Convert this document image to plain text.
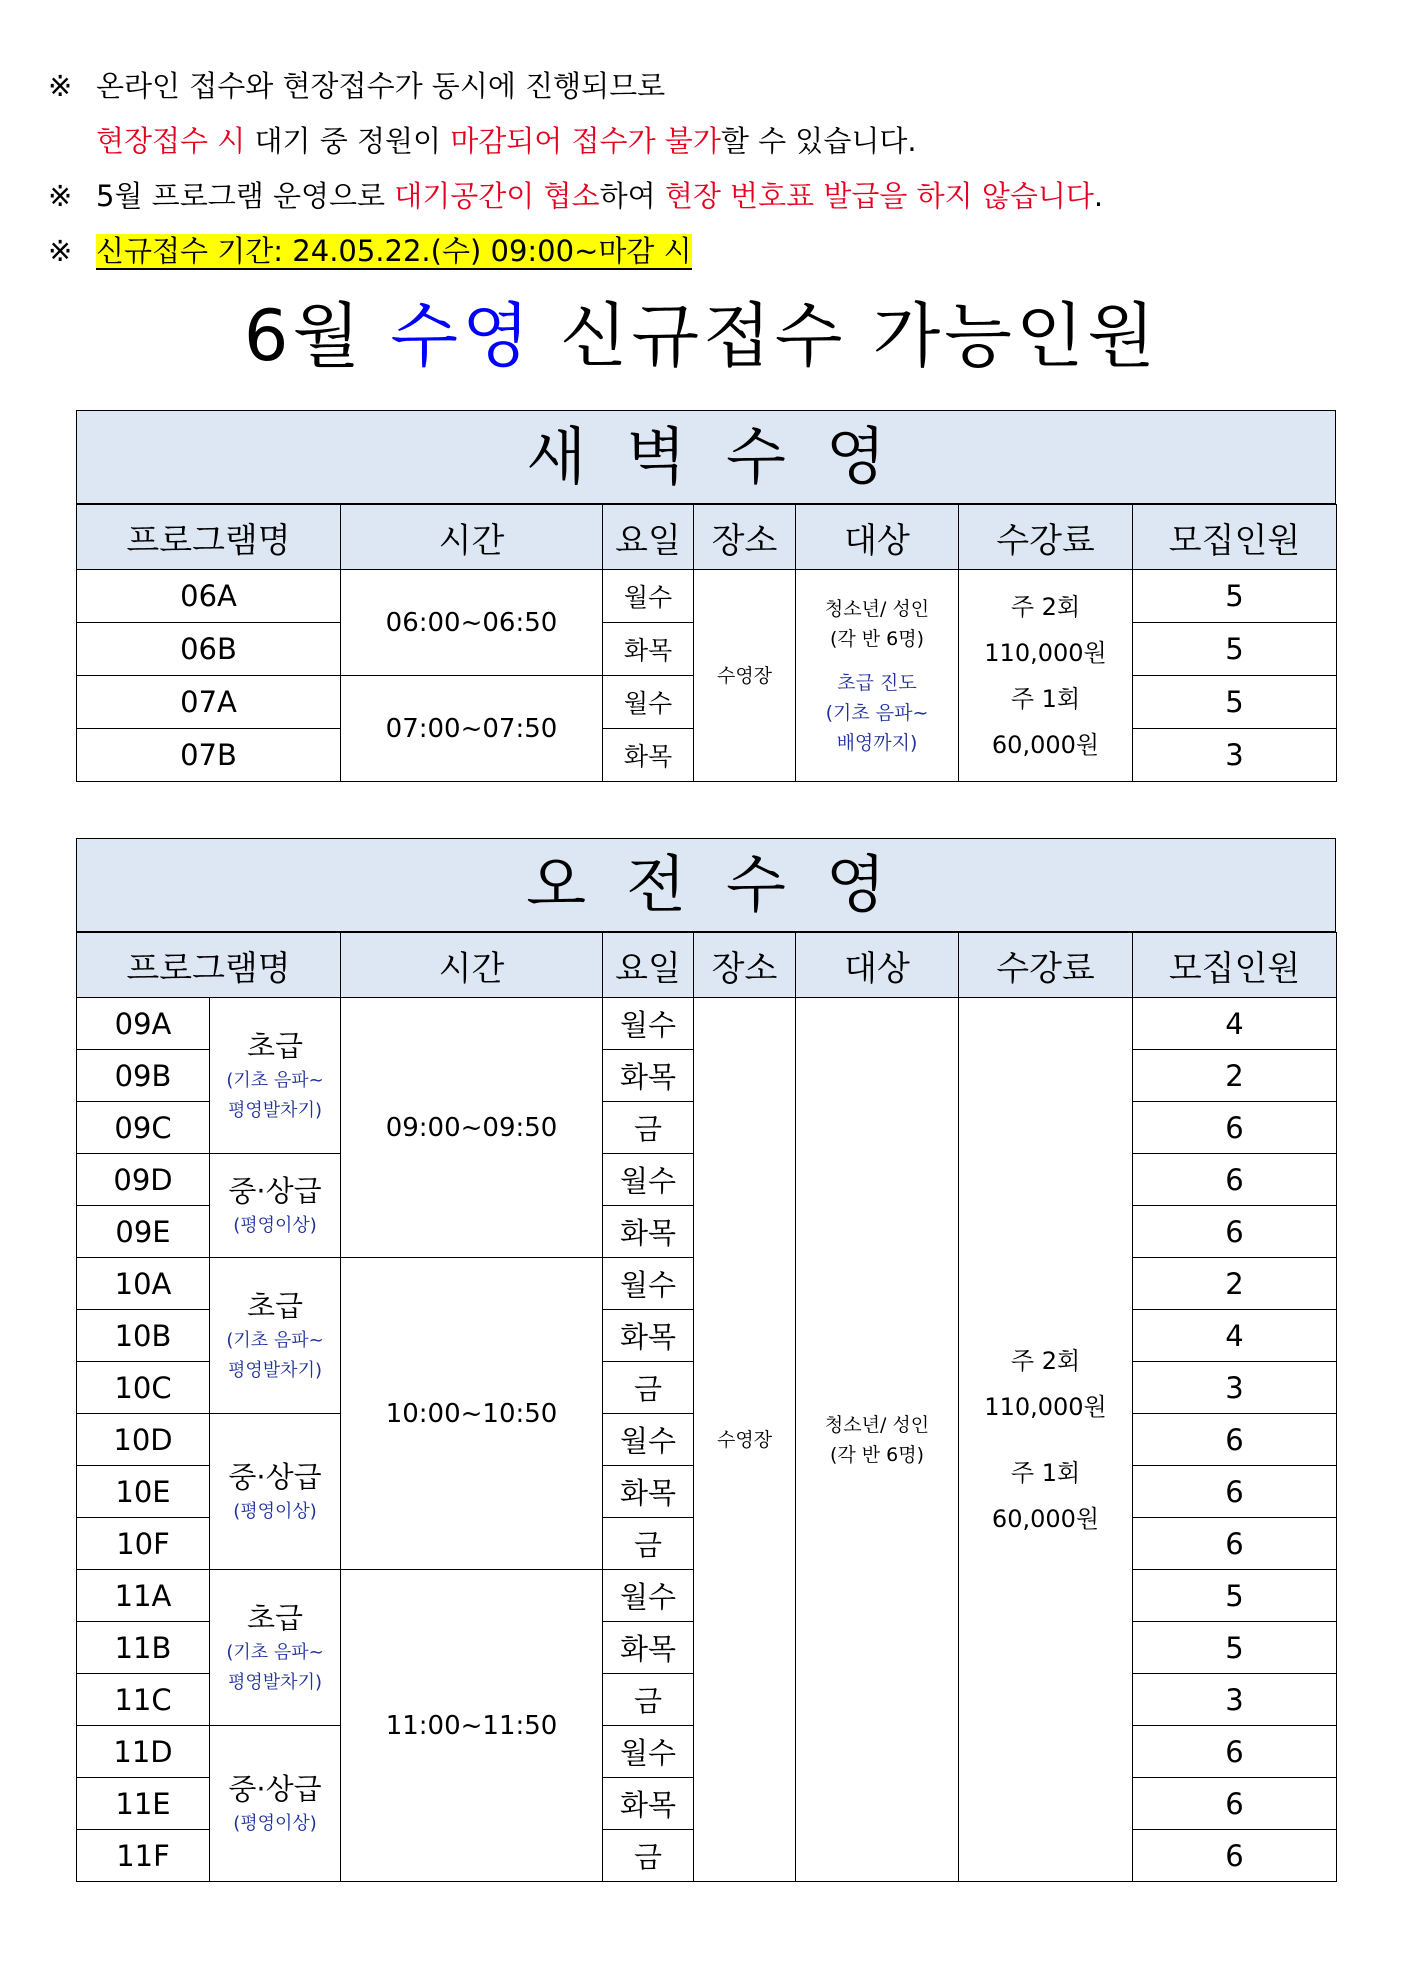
※ 온라인 접수와 현장접수가 동시에 진행되므로
현장접수 시 대기 중 정원이 마감되어 접수가 불가할 수 있습니다.
※ 5월 프로그램 운영으로 대기공간이 협소하여 현장 번호표 발급을 하지 않습니다.
※ 신규접수 기간: 24.05.22.(수) 09:00~마감 시
6월 수영 신규접수 가능인원
새벽수영
프로그램명	시간	요일	장소	대상	수강료	모집인원
06A	06:00~06:50	월수	수영장	청소년/ 성인
(각 반 6명)
초급 진도
(기초 음파~
배영까지)	주 2회
110,000원
주 1회
60,000원	5
06B		화목				5
07A	07:00~07:50	월수				5
07B		화목				3
오전수영
프로그램명		시간	요일	장소	대상	수강료	모집인원
09A	초급
(기초 음파~
평영발차기)	09:00~09:50	월수	수영장	청소년/ 성인
(각 반 6명)	주 2회
110,000원
주 1회
60,000원	4
09B			화목				2
09C			금				6
09D	중·상급
(평영이상)		월수				6
09E			화목				6
10A	초급
(기초 음파~
평영발차기)	10:00~10:50	월수				2
10B			화목				4
10C			금				3
10D	중·상급
(평영이상)		월수				6
10E			화목				6
10F			금				6
11A	초급
(기초 음파~
평영발차기)	11:00~11:50	월수				5
11B			화목				5
11C			금				3
11D	중·상급
(평영이상)		월수				6
11E			화목				6
11F			금				6
